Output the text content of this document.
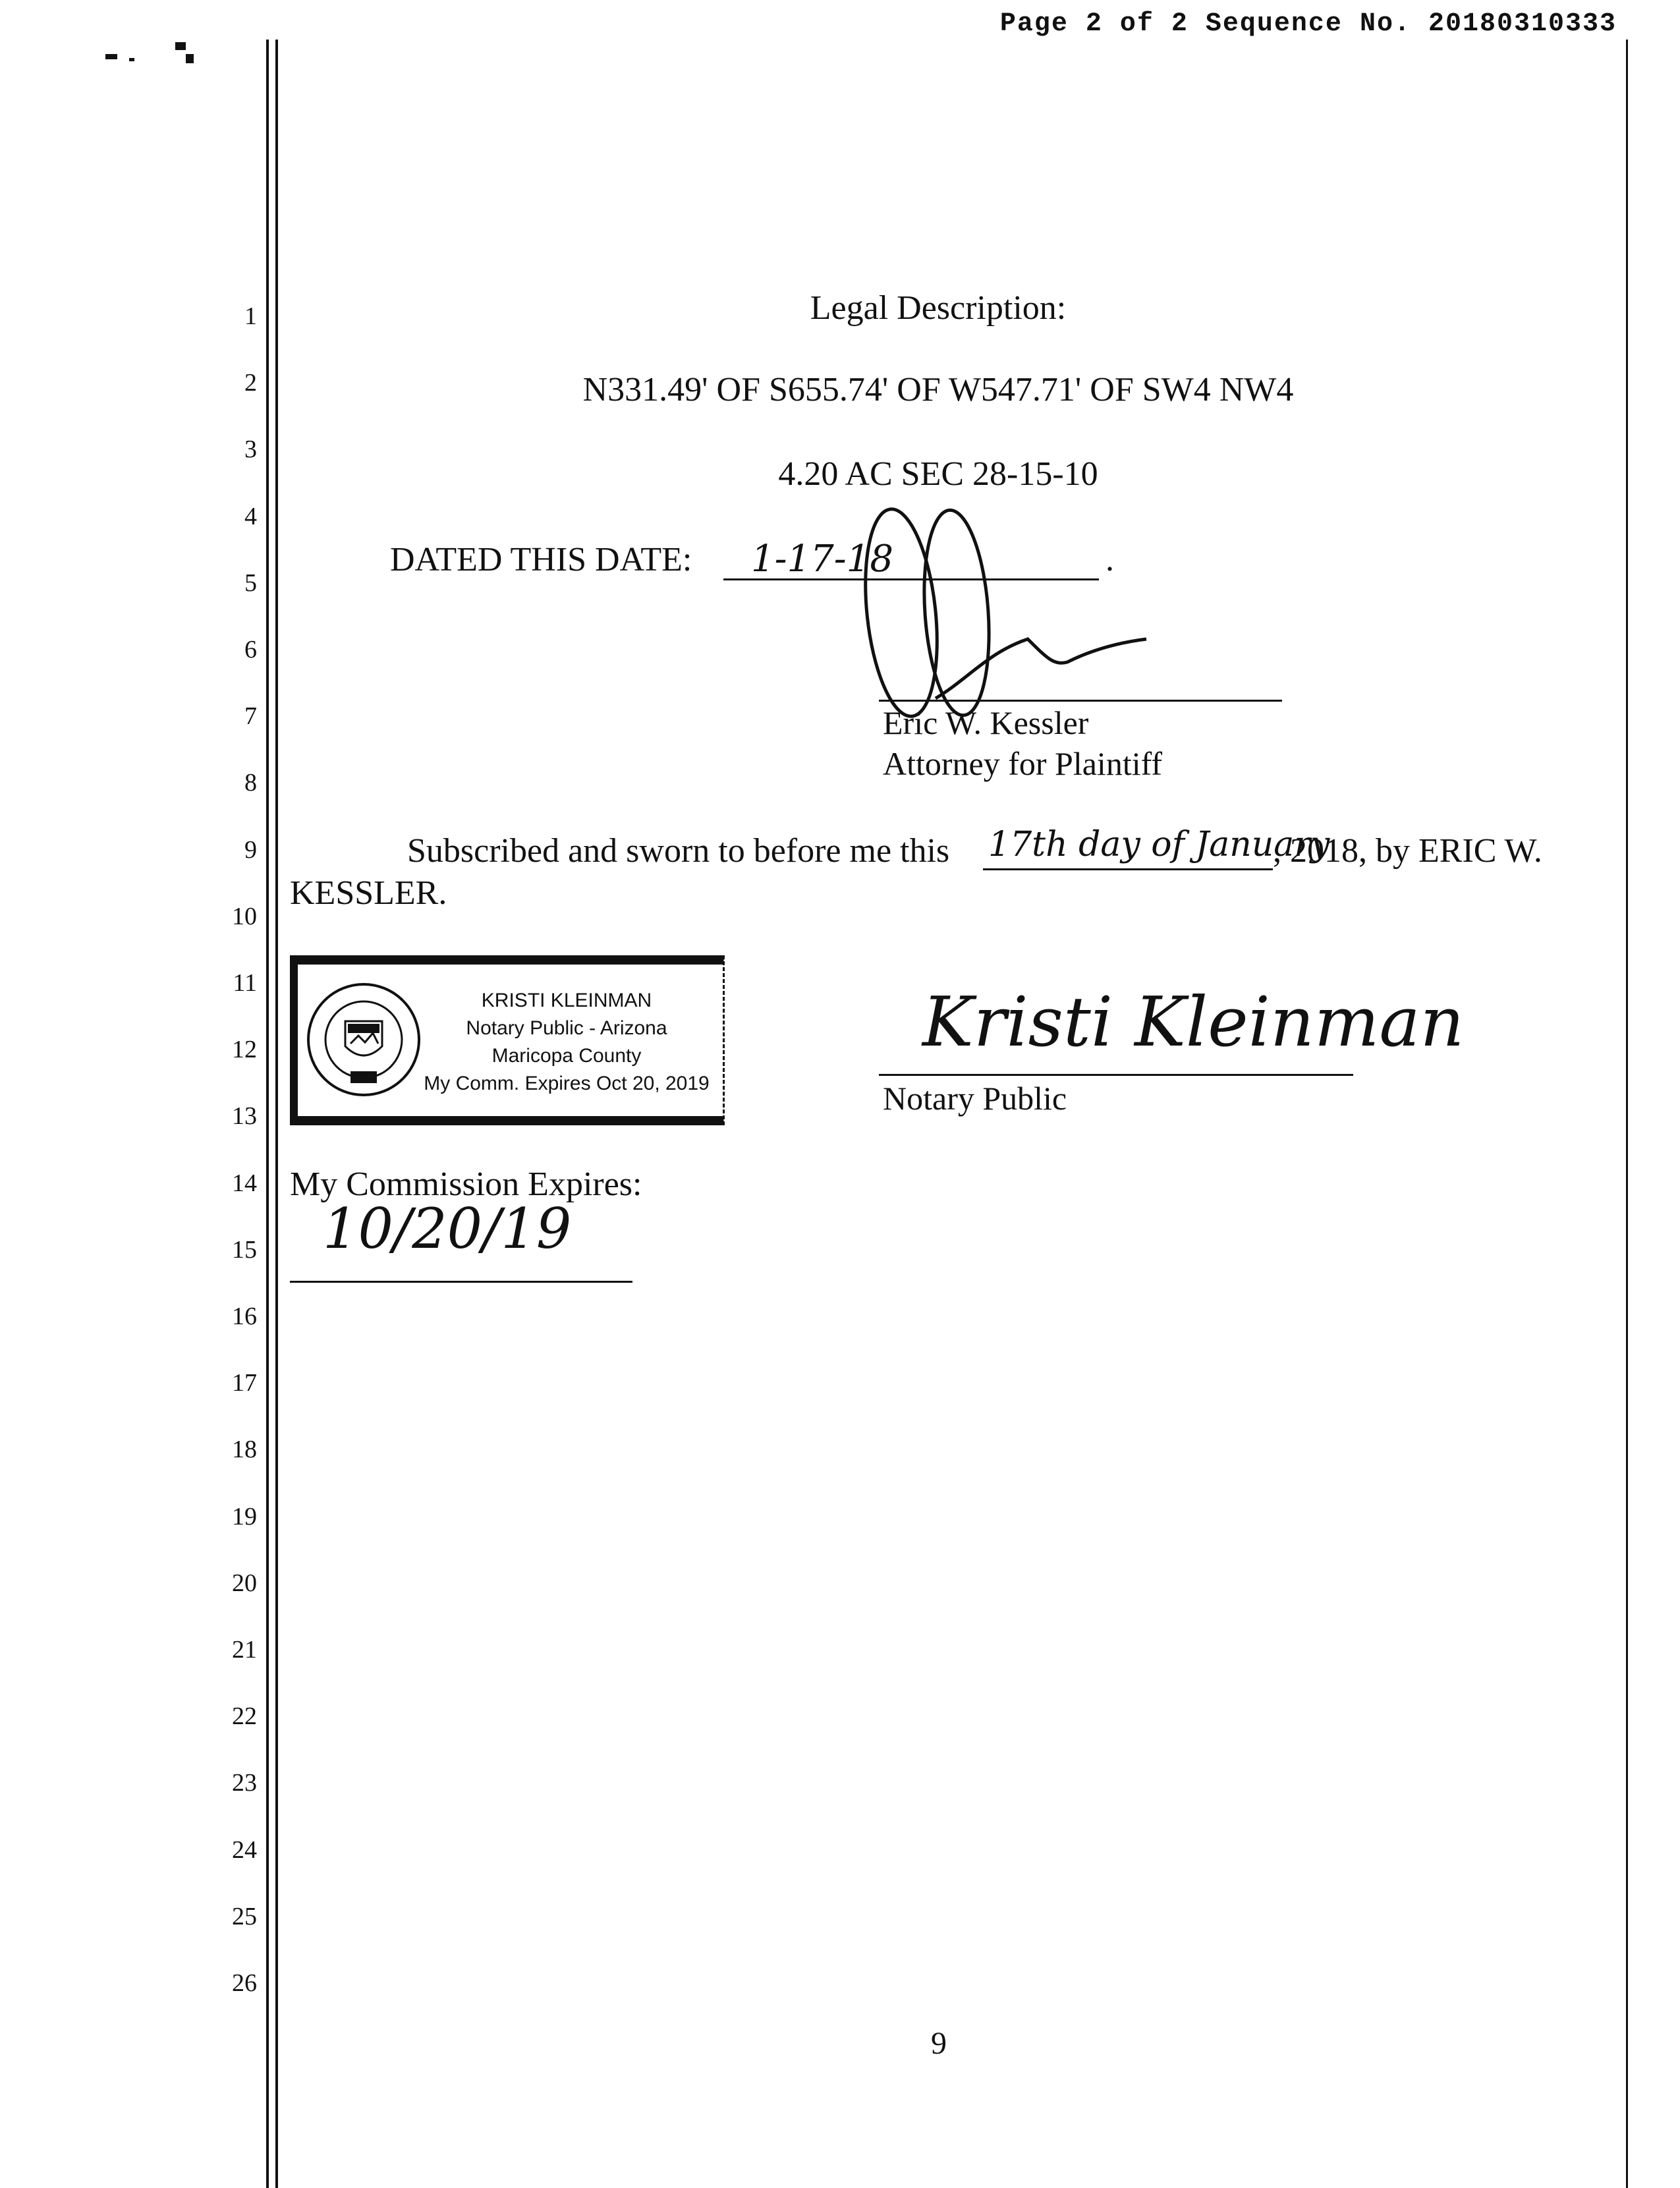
Page 2 of 2 Sequence No. 20180310333
1
2
3
4
5
6
7
8
9
10
11
12
13
14
15
16
17
18
19
20
21
22
23
24
25
26
Legal Description:
N331.49' OF S655.74' OF W547.71' OF SW4 NW4
4.20 AC SEC 28-15-10
DATED THIS DATE: 1-17-18	.
Eric W. Kessler
Attorney for Plaintiff
Subscribed and sworn to before me this 17th day of January
, 2018, by ERIC W.
KESSLER.
KRISTI KLEINMAN
Notary Public - Arizona
Maricopa County
My Comm. Expires Oct 20, 2019
Kristi Kleinman
Notary Public
My Commission Expires:
10/20/19
9
